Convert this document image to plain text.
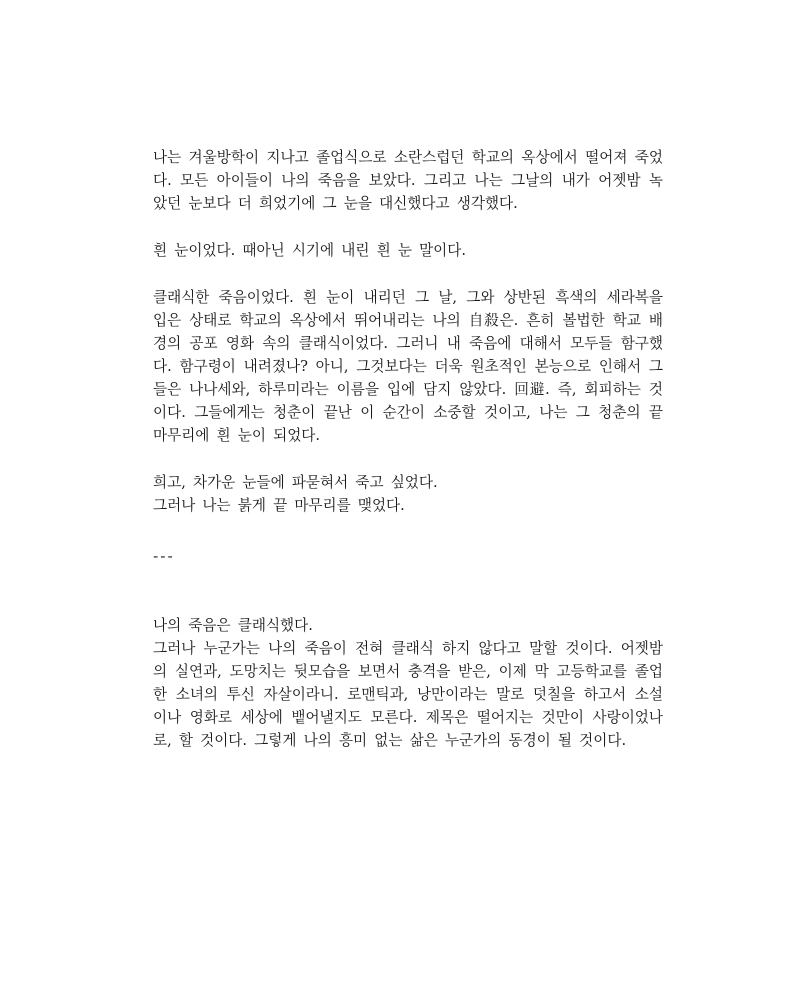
나는 겨울방학이 지나고 졸업식으로 소란스럽던 학교의 옥상에서 떨어져 죽었다. 모든 아이들이 나의 죽음을 보았다. 그리고 나는 그날의 내가 어젯밤 녹았던 눈보다 더 희었기에 그 눈을 대신했다고 생각했다.

흰 눈이었다. 때아닌 시기에 내린 흰 눈 말이다.

클래식한 죽음이었다. 흰 눈이 내리던 그 날, 그와 상반된 흑색의 세라복을 입은 상태로 학교의 옥상에서 뛰어내리는 나의 自殺은. 흔히 볼법한 학교 배경의 공포 영화 속의 클래식이었다. 그러니 내 죽음에 대해서 모두들 함구했다. 함구령이 내려졌나? 아니, 그것보다는 더욱 원초적인 본능으로 인해서 그들은 나나세와, 하루미라는 이름을 입에 담지 않았다. 回避. 즉, 회피하는 것이다. 그들에게는 청춘이 끝난 이 순간이 소중할 것이고, 나는 그 청춘의 끝마무리에 흰 눈이 되었다.

희고, 차가운 눈들에 파묻혀서 죽고 싶었다.
그러나 나는 붉게 끝 마무리를 맺었다.

---

나의 죽음은 클래식했다.
그러나 누군가는 나의 죽음이 전혀 클래식 하지 않다고 말할 것이다. 어젯밤의 실연과, 도망치는 뒷모습을 보면서 충격을 받은, 이제 막 고등학교를 졸업한 소녀의 투신 자살이라니. 로맨틱과, 낭만이라는 말로 덧칠을 하고서 소설이나 영화로 세상에 뱉어낼지도 모른다. 제목은 떨어지는 것만이 사랑이었나로, 할 것이다. 그렇게 나의 흥미 없는 삶은 누군가의 동경이 될 것이다.
